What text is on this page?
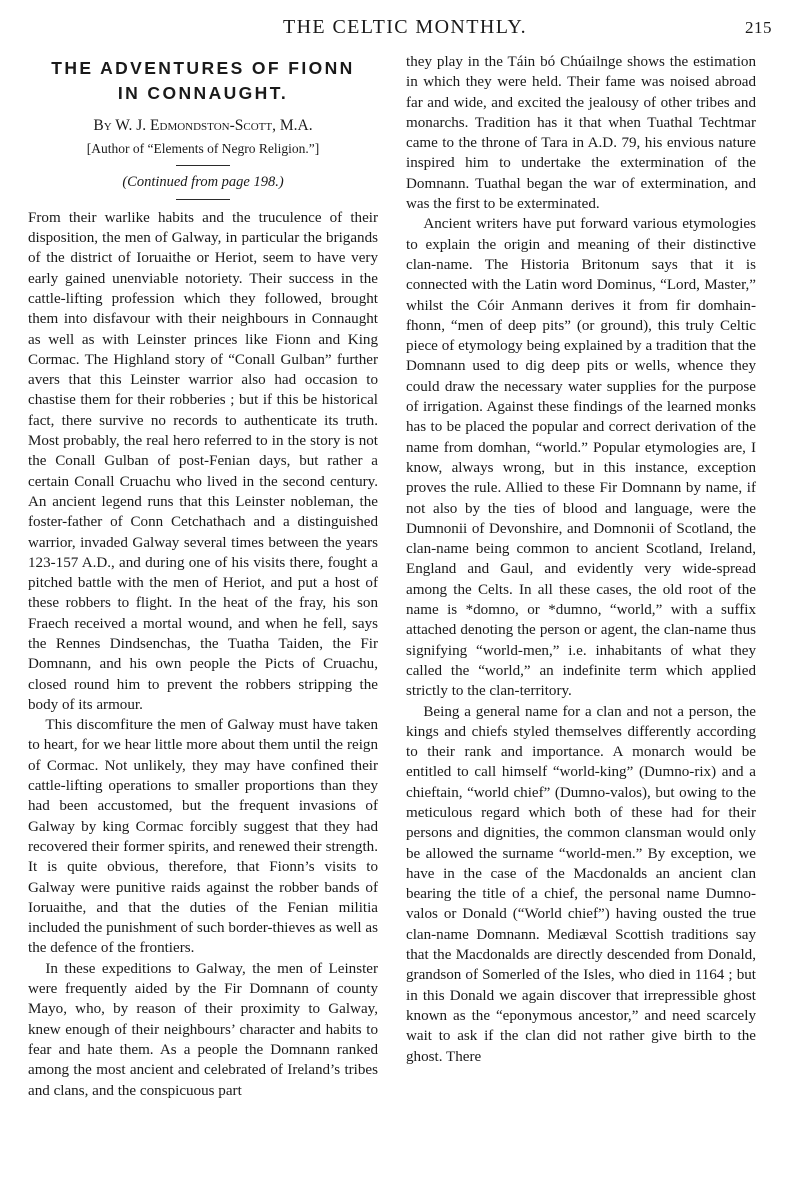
THE CELTIC MONTHLY.	215
THE ADVENTURES OF FIONN
IN CONNAUGHT.
By W. J. Edmondston-Scott, M.A.
[Author of “Elements of Negro Religion.”]
(Continued from page 198.)

From their warlike habits and the truculence of their disposition, the men of Galway, in particular the brigands of the district of Ioruaithe or Heriot, seem to have very early gained unenviable notoriety. Their success in the cattle-lifting profession which they followed, brought them into disfavour with their neighbours in Connaught as well as with Leinster princes like Fionn and King Cormac. The Highland story of “Conall Gulban” further avers that this Leinster warrior also had occasion to chastise them for their robberies ; but if this be historical fact, there survive no records to authenticate its truth. Most probably, the real hero referred to in the story is not the Conall Gulban of post-Fenian days, but rather a certain Conall Cruachu who lived in the second century. An ancient legend runs that this Leinster nobleman, the foster-father of Conn Cetchathach and a distinguished warrior, invaded Galway several times between the years 123-157 A.D., and during one of his visits there, fought a pitched battle with the men of Heriot, and put a host of these robbers to flight. In the heat of the fray, his son Fraech received a mortal wound, and when he fell, says the Rennes Dindsenchas, the Tuatha Taiden, the Fir Domnann, and his own people the Picts of Cruachu, closed round him to prevent the robbers stripping the body of its armour.

This discomfiture the men of Galway must have taken to heart, for we hear little more about them until the reign of Cormac. Not unlikely, they may have confined their cattle-lifting operations to smaller proportions than they had been accustomed, but the frequent invasions of Galway by king Cormac forcibly suggest that they had recovered their former spirits, and renewed their strength. It is quite obvious, therefore, that Fionn’s visits to Galway were punitive raids against the robber bands of Ioruaithe, and that the duties of the Fenian militia included the punishment of such border-thieves as well as the defence of the frontiers.

In these expeditions to Galway, the men of Leinster were frequently aided by the Fir Domnann of county Mayo, who, by reason of their proximity to Galway, knew enough of their neighbours’ character and habits to fear and hate them. As a people the Domnann ranked among the most ancient and celebrated of Ireland’s tribes and clans, and the conspicuous part

they play in the Táin bó Chúailnge shows the estimation in which they were held. Their fame was noised abroad far and wide, and excited the jealousy of other tribes and monarchs. Tradition has it that when Tuathal Techtmar came to the throne of Tara in A.D. 79, his envious nature inspired him to undertake the extermination of the Domnann. Tuathal began the war of extermination, and was the first to be exterminated.

Ancient writers have put forward various etymologies to explain the origin and meaning of their distinctive clan-name. The Historia Britonum says that it is connected with the Latin word Dominus, “Lord, Master,” whilst the Cóir Anmann derives it from fir domhain-fhonn, “men of deep pits” (or ground), this truly Celtic piece of etymology being explained by a tradition that the Domnann used to dig deep pits or wells, whence they could draw the necessary water supplies for the purpose of irrigation. Against these findings of the learned monks has to be placed the popular and correct derivation of the name from domhan, “world.” Popular etymologies are, I know, always wrong, but in this instance, exception proves the rule. Allied to these Fir Domnann by name, if not also by the ties of blood and language, were the Dumnonii of Devonshire, and Domnonii of Scotland, the clan-name being common to ancient Scotland, Ireland, England and Gaul, and evidently very wide-spread among the Celts. In all these cases, the old root of the name is *domno, or *dumno, “world,” with a suffix attached denoting the person or agent, the clan-name thus signifying “world-men,” i.e. inhabitants of what they called the “world,” an indefinite term which applied strictly to the clan-territory.

Being a general name for a clan and not a person, the kings and chiefs styled themselves differently according to their rank and importance. A monarch would be entitled to call himself “world-king” (Dumno-rix) and a chieftain, “world chief” (Dumno-valos), but owing to the meticulous regard which both of these had for their persons and dignities, the common clansman would only be allowed the surname “world-men.” By exception, we have in the case of the Macdonalds an ancient clan bearing the title of a chief, the personal name Dumno-valos or Donald (“World chief”) having ousted the true clan-name Domnann. Mediæval Scottish traditions say that the Macdonalds are directly descended from Donald, grandson of Somerled of the Isles, who died in 1164 ; but in this Donald we again discover that irrepressible ghost known as the “eponymous ancestor,” and need scarcely wait to ask if the clan did not rather give birth to the ghost. There
